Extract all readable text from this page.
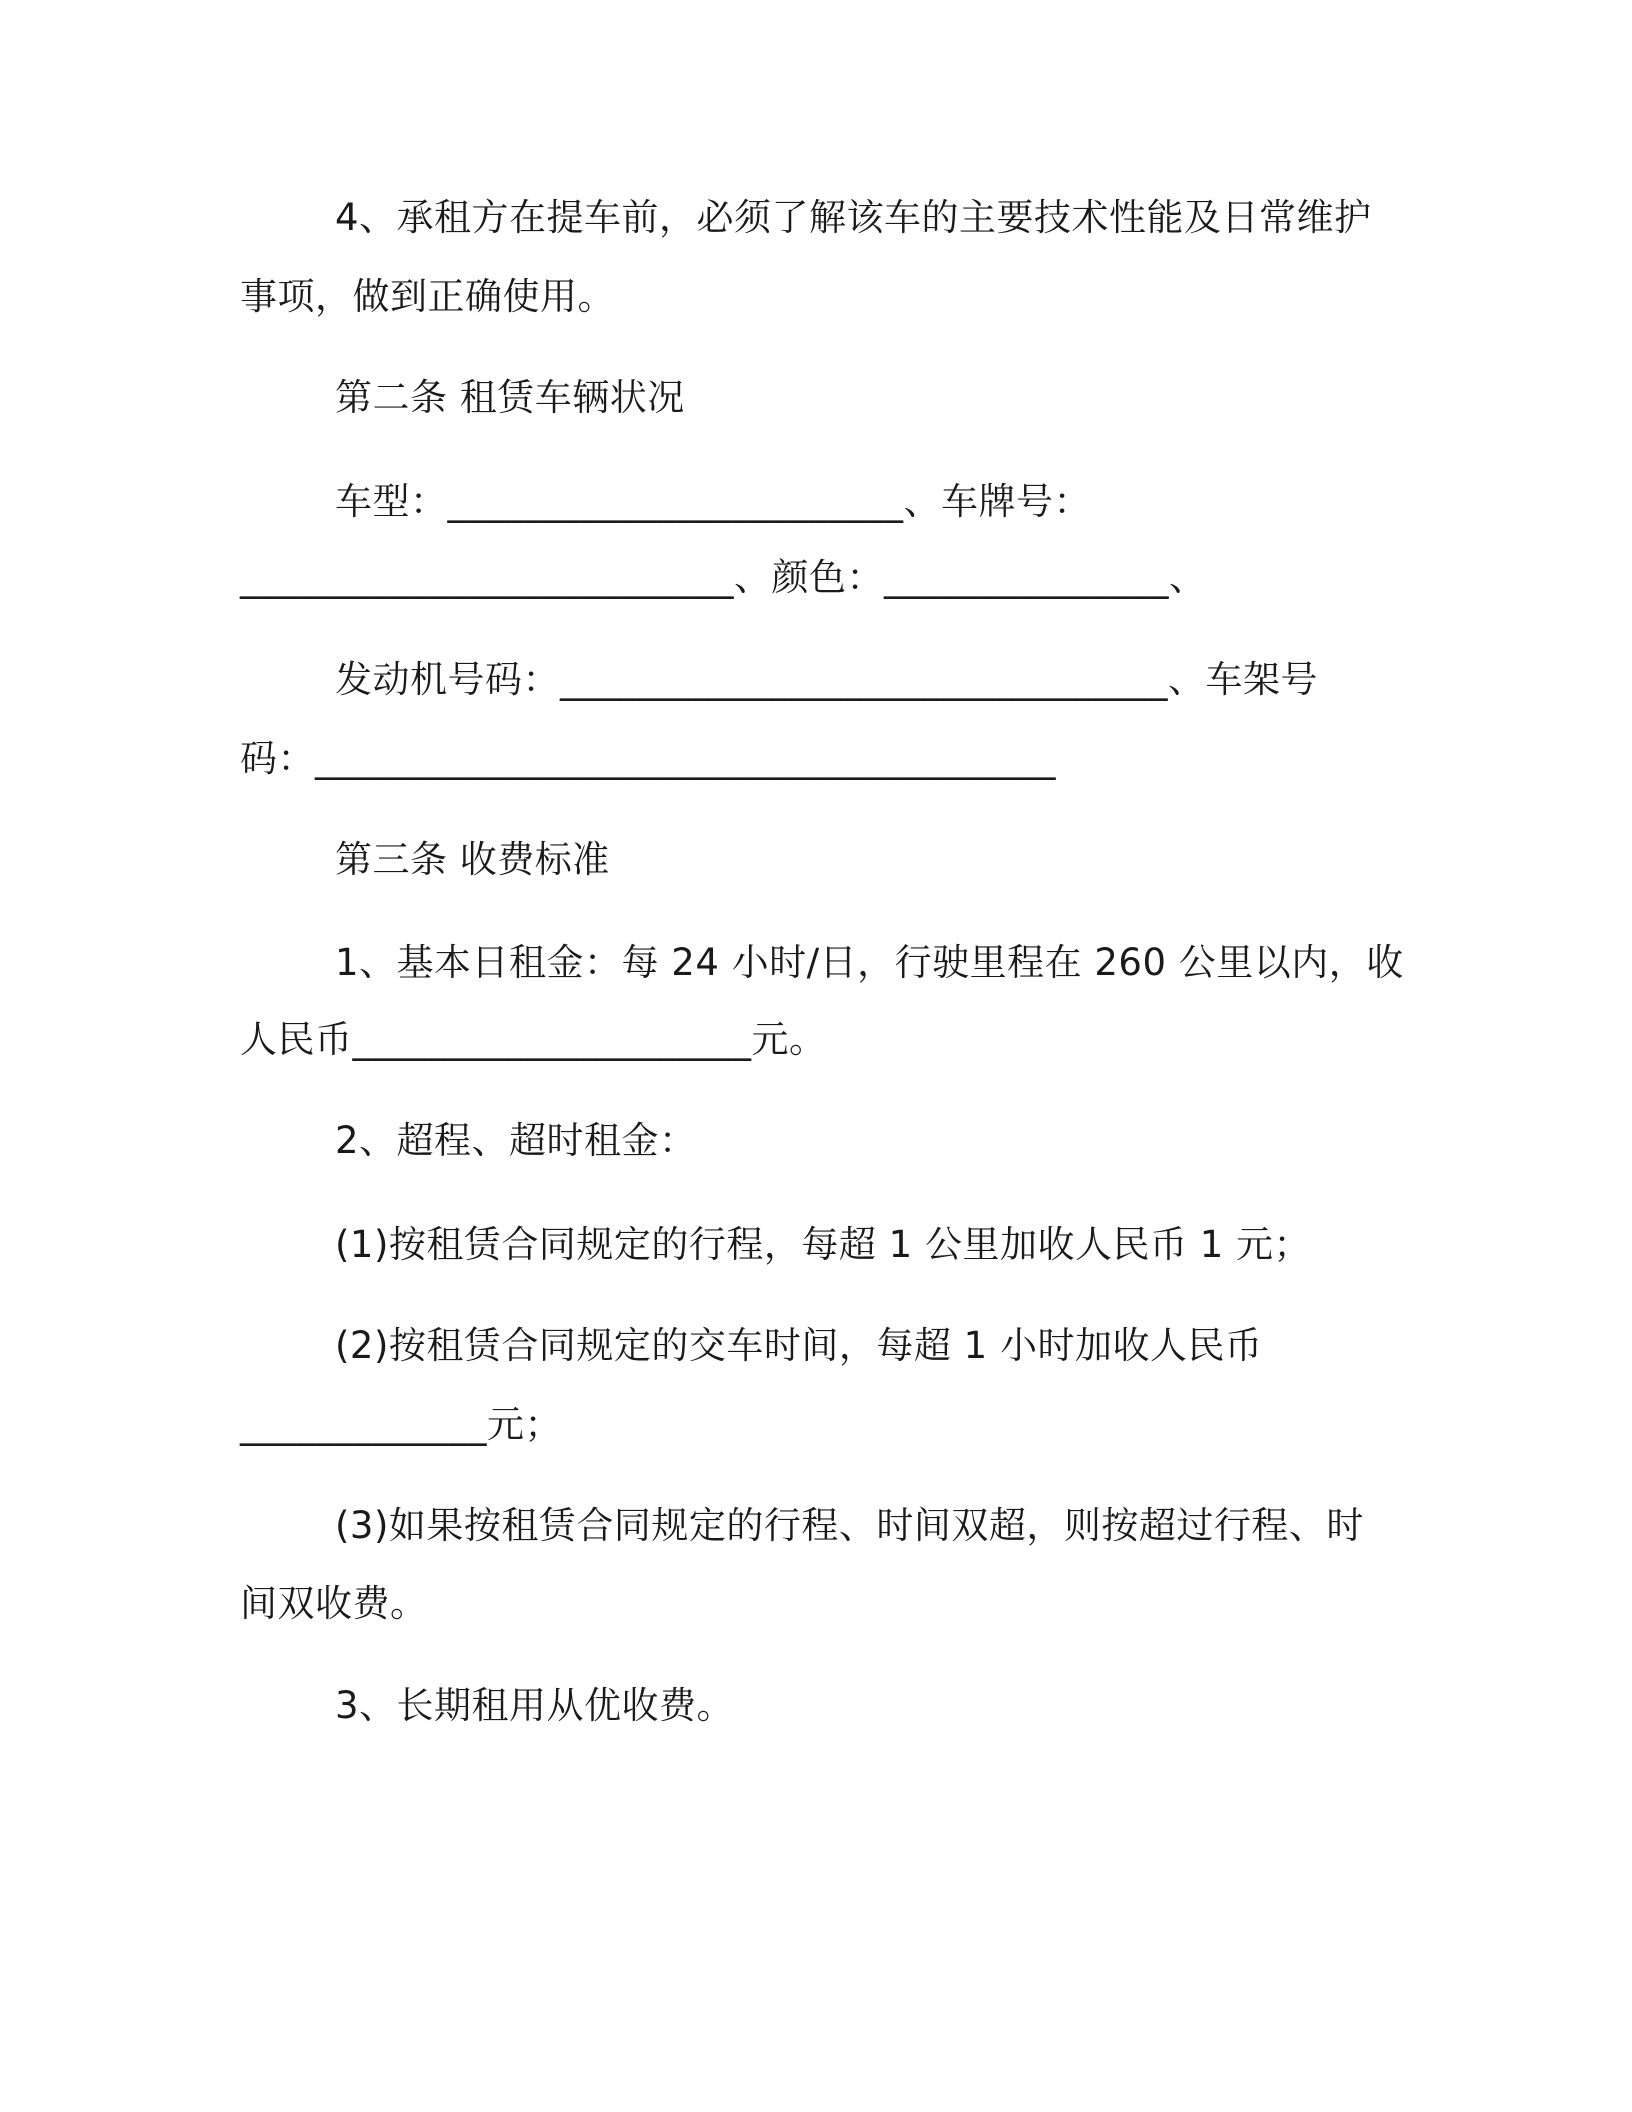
4、承租方在提车前，必须了解该车的主要技术性能及日常维护
事项，做到正确使用。
第二条 租赁车辆状况
车型：________________________、车牌号：
__________________________、颜色：_______________、
发动机号码：________________________________、车架号
码：_______________________________________
第三条 收费标准
1、基本日租金：每 24 小时/日，行驶里程在 260 公里以内，收
人民币_____________________元。
2、超程、超时租金：
(1)按租赁合同规定的行程，每超 1 公里加收人民币 1 元；
(2)按租赁合同规定的交车时间，每超 1 小时加收人民币
_____________元；
(3)如果按租赁合同规定的行程、时间双超，则按超过行程、时
间双收费。
3、长期租用从优收费。
